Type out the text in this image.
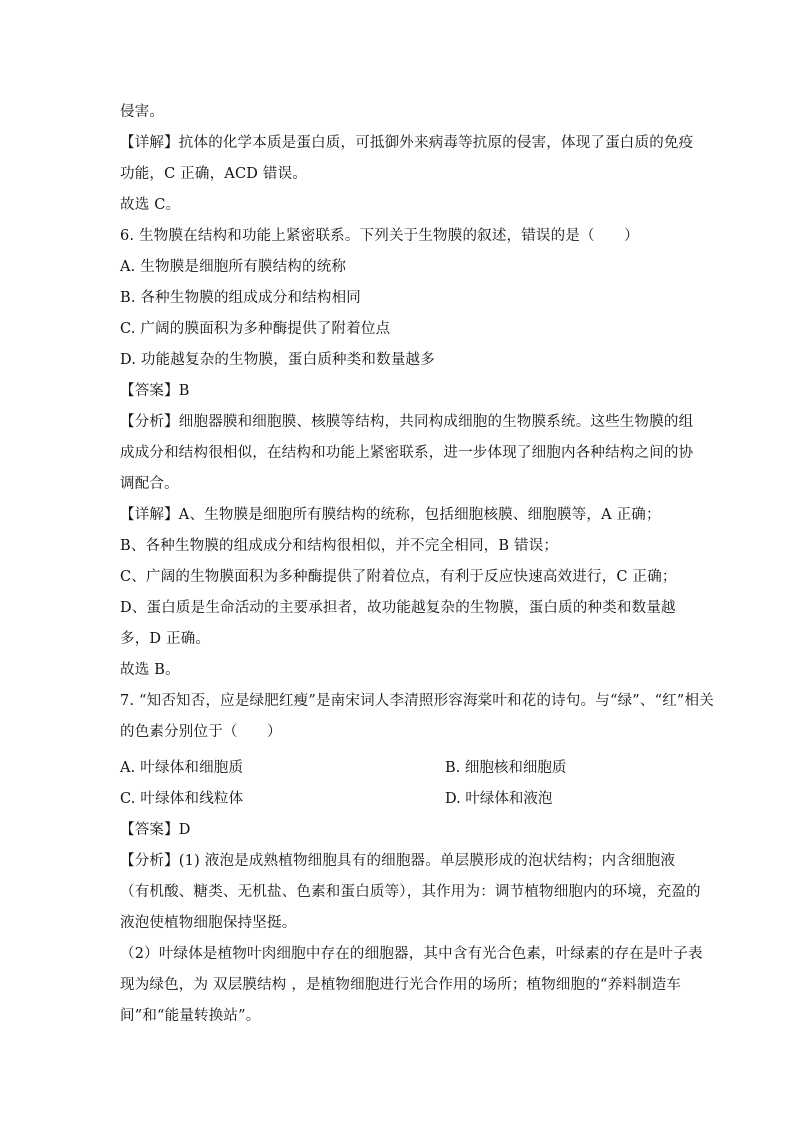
侵害。
【详解】抗体的化学本质是蛋白质，可抵御外来病毒等抗原的侵害，体现了蛋白质的免疫
功能，C 正确，ACD 错误。
故选 C。
6. 生物膜在结构和功能上紧密联系。下列关于生物膜的叙述，错误的是（　　）
A. 生物膜是细胞所有膜结构的统称
B. 各种生物膜的组成成分和结构相同
C. 广阔的膜面积为多种酶提供了附着位点
D. 功能越复杂的生物膜，蛋白质种类和数量越多
【答案】B
【分析】细胞器膜和细胞膜、核膜等结构，共同构成细胞的生物膜系统。这些生物膜的组
成成分和结构很相似，在结构和功能上紧密联系，进一步体现了细胞内各种结构之间的协
调配合。
【详解】A、生物膜是细胞所有膜结构的统称，包括细胞核膜、细胞膜等，A 正确；
B、各种生物膜的组成成分和结构很相似，并不完全相同，B 错误；
C、广阔的生物膜面积为多种酶提供了附着位点，有利于反应快速高效进行，C 正确；
D、蛋白质是生命活动的主要承担者，故功能越复杂的生物膜，蛋白质的种类和数量越
多，D 正确。
故选 B。
7. “知否知否，应是绿肥红瘦”是南宋词人李清照形容海棠叶和花的诗句。与“绿”、“红”相关
的色素分别位于（　　）
A. 叶绿体和细胞质	B. 细胞核和细胞质
C. 叶绿体和线粒体	D. 叶绿体和液泡
【答案】D
【分析】(1) 液泡是成熟植物细胞具有的细胞器。单层膜形成的泡状结构；内含细胞液
（有机酸、糖类、无机盐、色素和蛋白质等），其作用为：调节植物细胞内的环境，充盈的
液泡使植物细胞保持坚挺。
（2）叶绿体是植物叶肉细胞中存在的细胞器，其中含有光合色素，叶绿素的存在是叶子表
现为绿色，为 双层膜结构 ，是植物细胞进行光合作用的场所；植物细胞的“养料制造车
间”和“能量转换站”。
